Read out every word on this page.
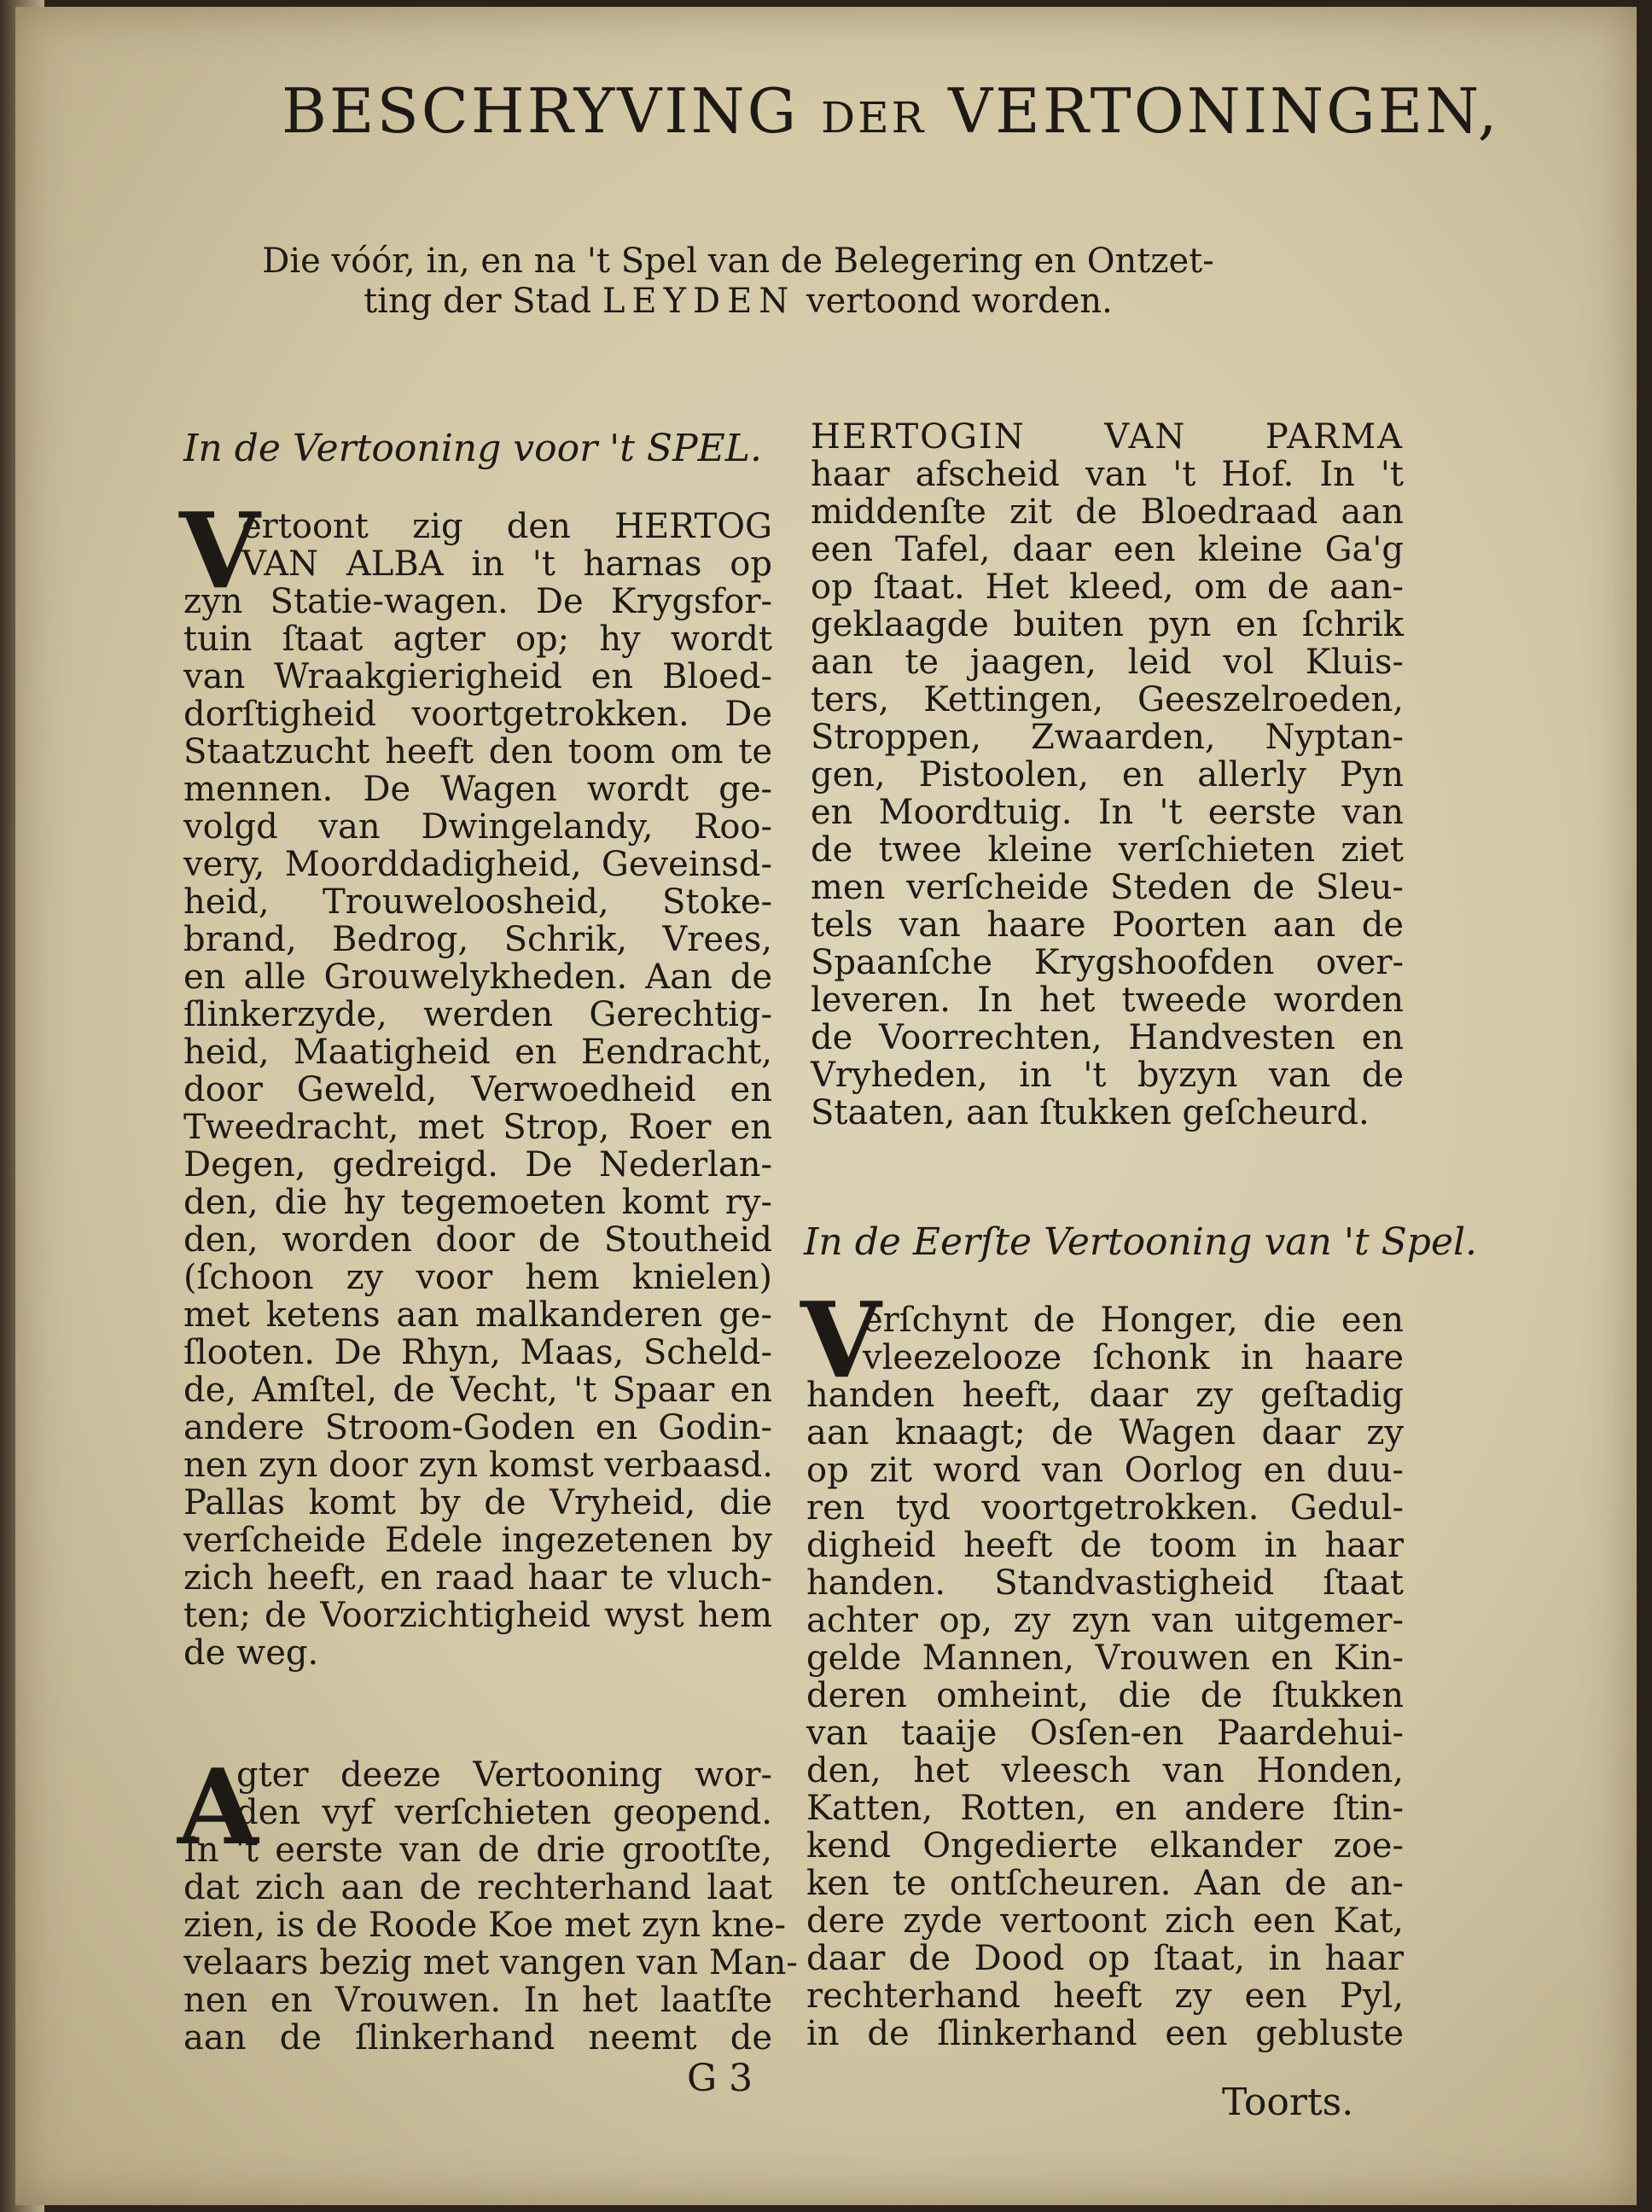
BESCHRYVING DER VERTONINGEN,
Die vóór, in, en na 't Spel van de Belegering en Ontzet-
ting der Stad LEYDEN vertoond worden.
In de Vertooning voor 't SPEL.
V
ertoont zig den HERTOG
VAN ALBA in 't harnas op
zyn Statie-wagen. De Krygsfor-
tuin ſtaat agter op; hy wordt
van Wraakgierigheid en Bloed-
dorſtigheid voortgetrokken. De
Staatzucht heeft den toom om te
mennen. De Wagen wordt ge-
volgd van Dwingelandy, Roo-
very, Moorddadigheid, Geveinsd-
heid, Trouweloosheid, Stoke-
brand, Bedrog, Schrik, Vrees,
en alle Grouwelykheden. Aan de
ſlinkerzyde, werden Gerechtig-
heid, Maatigheid en Eendracht,
door Geweld, Verwoedheid en
Tweedracht, met Strop, Roer en
Degen, gedreigd. De Nederlan-
den, die hy tegemoeten komt ry-
den, worden door de Stoutheid
(ſchoon zy voor hem knielen)
met ketens aan malkanderen ge-
ſlooten. De Rhyn, Maas, Scheld-
de, Amſtel, de Vecht, 't Spaar en
andere Stroom-Goden en Godin-
nen zyn door zyn komst verbaasd.
Pallas komt by de Vryheid, die
verſcheide Edele ingezetenen by
zich heeft, en raad haar te vluch-
ten; de Voorzichtigheid wyst hem
de weg.
A
gter deeze Vertooning wor-
den vyf verſchieten geopend.
In 't eerste van de drie grootſte,
dat zich aan de rechterhand laat
zien, is de Roode Koe met zyn kne-
velaars bezig met vangen van Man-
nen en Vrouwen. In het laatſte
aan de ſlinkerhand neemt de
G 3
HERTOGIN VAN PARMA
haar afscheid van 't Hof. In 't
middenſte zit de Bloedraad aan
een Tafel, daar een kleine Ga'g
op ſtaat. Het kleed, om de aan-
geklaagde buiten pyn en ſchrik
aan te jaagen, leid vol Kluis-
ters, Kettingen, Geeszelroeden,
Stroppen, Zwaarden, Nyptan-
gen, Pistoolen, en allerly Pyn
en Moordtuig. In 't eerste van
de twee kleine verſchieten ziet
men verſcheide Steden de Sleu-
tels van haare Poorten aan de
Spaanſche Krygshoofden over-
leveren. In het tweede worden
de Voorrechten, Handvesten en
Vryheden, in 't byzyn van de
Staaten, aan ſtukken geſcheurd.
In de Eerſte Vertooning van 't Spel.
V
erſchynt de Honger, die een
vleezelooze ſchonk in haare
handen heeft, daar zy geſtadig
aan knaagt; de Wagen daar zy
op zit word van Oorlog en duu-
ren tyd voortgetrokken. Gedul-
digheid heeft de toom in haar
handen. Standvastigheid ſtaat
achter op, zy zyn van uitgemer-
gelde Mannen, Vrouwen en Kin-
deren omheint, die de ſtukken
van taaije Osſen-en Paardehui-
den, het vleesch van Honden,
Katten, Rotten, en andere ſtin-
kend Ongedierte elkander zoe-
ken te ontſcheuren. Aan de an-
dere zyde vertoont zich een Kat,
daar de Dood op ſtaat, in haar
rechterhand heeft zy een Pyl,
in de ſlinkerhand een gebluste
Toorts.
